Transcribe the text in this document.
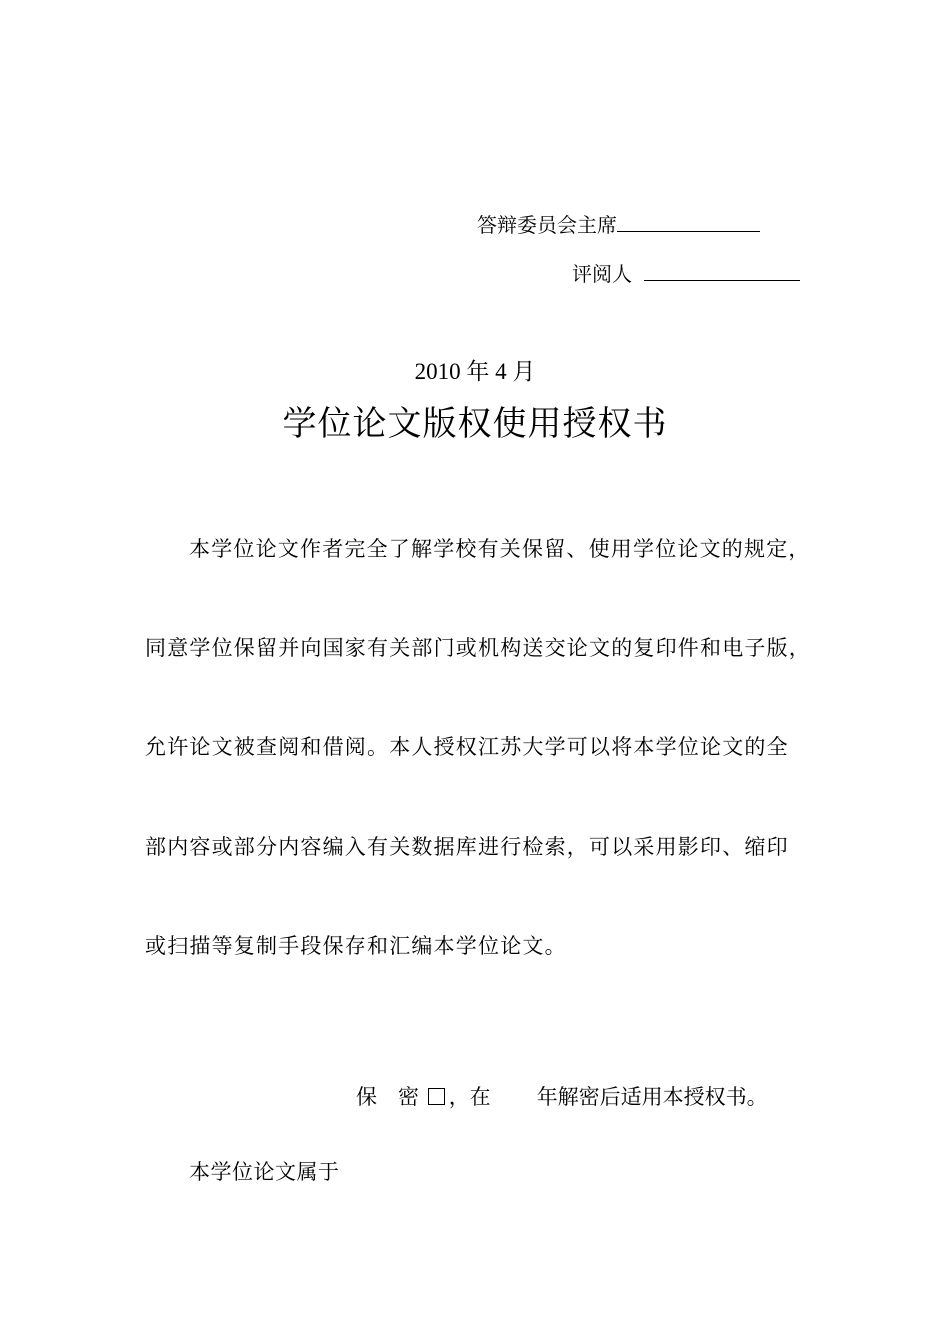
答辩委员会主席
评阅人
2010 年 4 月
学位论文版权使用授权书
本学位论文作者完全了解学校有关保留、使用学位论文的规定，
同意学位保留并向国家有关部门或机构送交论文的复印件和电子版，
允许论文被查阅和借阅。本人授权江苏大学可以将本学位论文的全
部内容或部分内容编入有关数据库进行检索，可以采用影印、缩印
或扫描等复制手段保存和汇编本学位论文。
保　密 ，在 年解密后适用本授权书。
本学位论文属于
